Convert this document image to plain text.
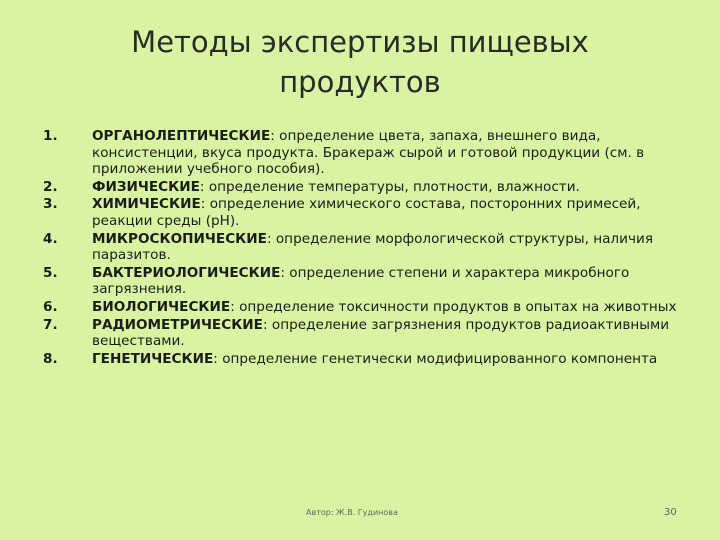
Методы экспертизы пищевых
продуктов
1.	ОРГАНОЛЕПТИЧЕСКИЕ: определение цвета, запаха, внешнего вида, консистенции, вкуса продукта. Бракераж сырой и готовой продукции (см. в приложении учебного пособия).
2.	ФИЗИЧЕСКИЕ: определение температуры, плотности, влажности.
3.	ХИМИЧЕСКИЕ: определение химического состава, посторонних примесей, реакции среды (рН).
4.	МИКРОСКОПИЧЕСКИЕ: определение морфологической структуры, наличия паразитов.
5.	БАКТЕРИОЛОГИЧЕСКИЕ: определение степени и характера микробного загрязнения.
6.	БИОЛОГИЧЕСКИЕ: определение токсичности продуктов в опытах на животных
7.	РАДИОМЕТРИЧЕСКИЕ: определение загрязнения продуктов радиоактивными веществами.
8.	ГЕНЕТИЧЕСКИЕ: определение генетически модифицированного компонента
Автор: Ж.В. Гудинова	30
